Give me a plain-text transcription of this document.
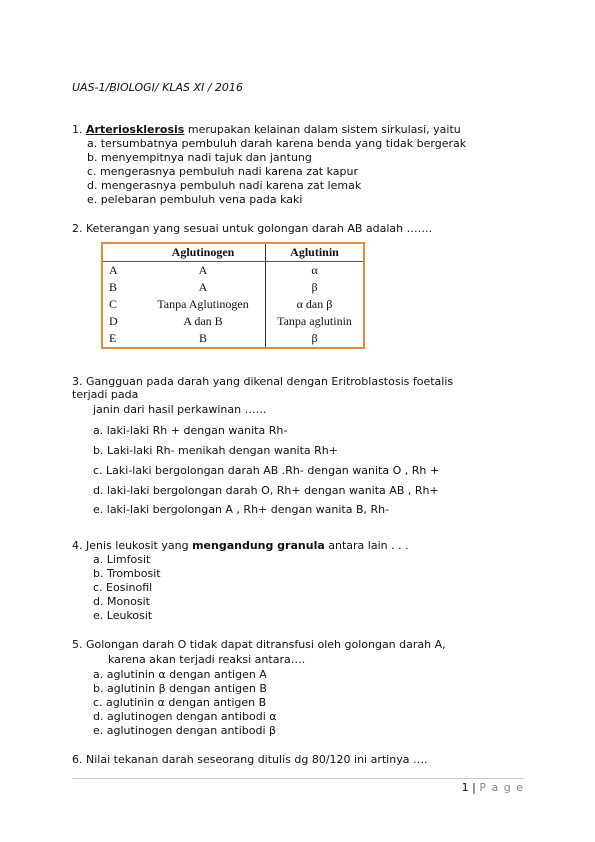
UAS-1/BIOLOGI/ KLAS XI / 2016
1. Arteriosklerosis merupakan kelainan dalam sistem sirkulasi, yaitu
a. tersumbatnya pembuluh darah karena benda yang tidak bergerak
b. menyempitnya nadi tajuk dan jantung
c. mengerasnya pembuluh nadi karena zat kapur
d. mengerasnya pembuluh nadi karena zat lemak
e. pelebaran pembuluh vena pada kaki
2. Keterangan yang sesuai untuk golongan darah AB adalah …….
	Aglutinogen	Aglutinin
A	A	α
B	A	β
C	Tanpa Aglutinogen	α dan β
D	A dan B	Tanpa aglutinin
E	B	β
3. Gangguan pada darah yang dikenal dengan Eritroblastosis foetalis
terjadi pada
janin dari hasil perkawinan ……
a. laki-laki Rh + dengan wanita Rh-
b. Laki-laki Rh- menikah dengan wanita Rh+
c. Laki-laki bergolongan darah AB .Rh- dengan wanita O , Rh +
d. laki-laki bergolongan darah O, Rh+ dengan wanita AB , Rh+
e. laki-laki bergolongan A , Rh+ dengan wanita B, Rh-
4. Jenis leukosit yang mengandung granula antara lain . . .
a. Limfosit
b. Trombosit
c. Eosinofil
d. Monosit
e. Leukosit
5. Golongan darah O tidak dapat ditransfusi oleh golongan darah A,
karena akan terjadi reaksi antara….
a. aglutinin α dengan antigen A
b. aglutinin β dengan antigen B
c. aglutinin α dengan antigen B
d. aglutinogen dengan antibodi α
e. aglutinogen dengan antibodi β
6. Nilai tekanan darah seseorang ditulis dg 80/120 ini artinya ….
1 | P a g e
